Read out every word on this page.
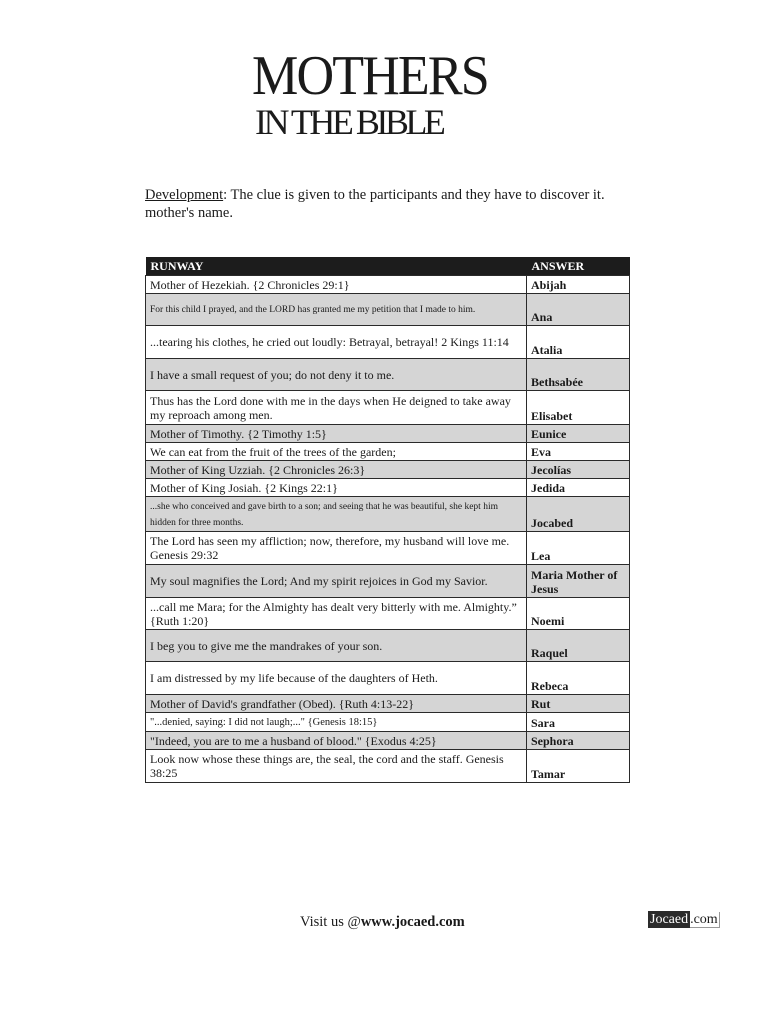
MOTHERS
IN THE BIBLE
Development: The clue is given to the participants and they have to discover it. mother's name.
RUNWAY	ANSWER
Mother of Hezekiah. {2 Chronicles 29:1}	Abijah
For this child I prayed, and the LORD has granted me my petition that I made to him.	Ana
...tearing his clothes, he cried out loudly: Betrayal, betrayal! 2 Kings 11:14	Atalia
I have a small request of you; do not deny it to me.	Bethsabée
Thus has the Lord done with me in the days when He deigned to take away my reproach among men.	Elisabet
Mother of Timothy. {2 Timothy 1:5}	Eunice
We can eat from the fruit of the trees of the garden;	Eva
Mother of King Uzziah. {2 Chronicles 26:3}	Jecolías
Mother of King Josiah. {2 Kings 22:1}	Jedida
...she who conceived and gave birth to a son; and seeing that he was beautiful, she kept him hidden for three months.	Jocabed
The Lord has seen my affliction; now, therefore, my husband will love me. Genesis 29:32	Lea
My soul magnifies the Lord; And my spirit rejoices in God my Savior.	Maria Mother of Jesus
...call me Mara; for the Almighty has dealt very bitterly with me. Almighty.” {Ruth 1:20}	Noemi
I beg you to give me the mandrakes of your son.	Raquel
I am distressed by my life because of the daughters of Heth.	Rebeca
Mother of David's grandfather (Obed). {Ruth 4:13-22}	Rut
"...denied, saying: I did not laugh;..." {Genesis 18:15}	Sara
"Indeed, you are to me a husband of blood." {Exodus 4:25}	Sephora
Look now whose these things are, the seal, the cord and the staff. Genesis 38:25	Tamar
Visit us @www.jocaed.com	Jocaed .com
